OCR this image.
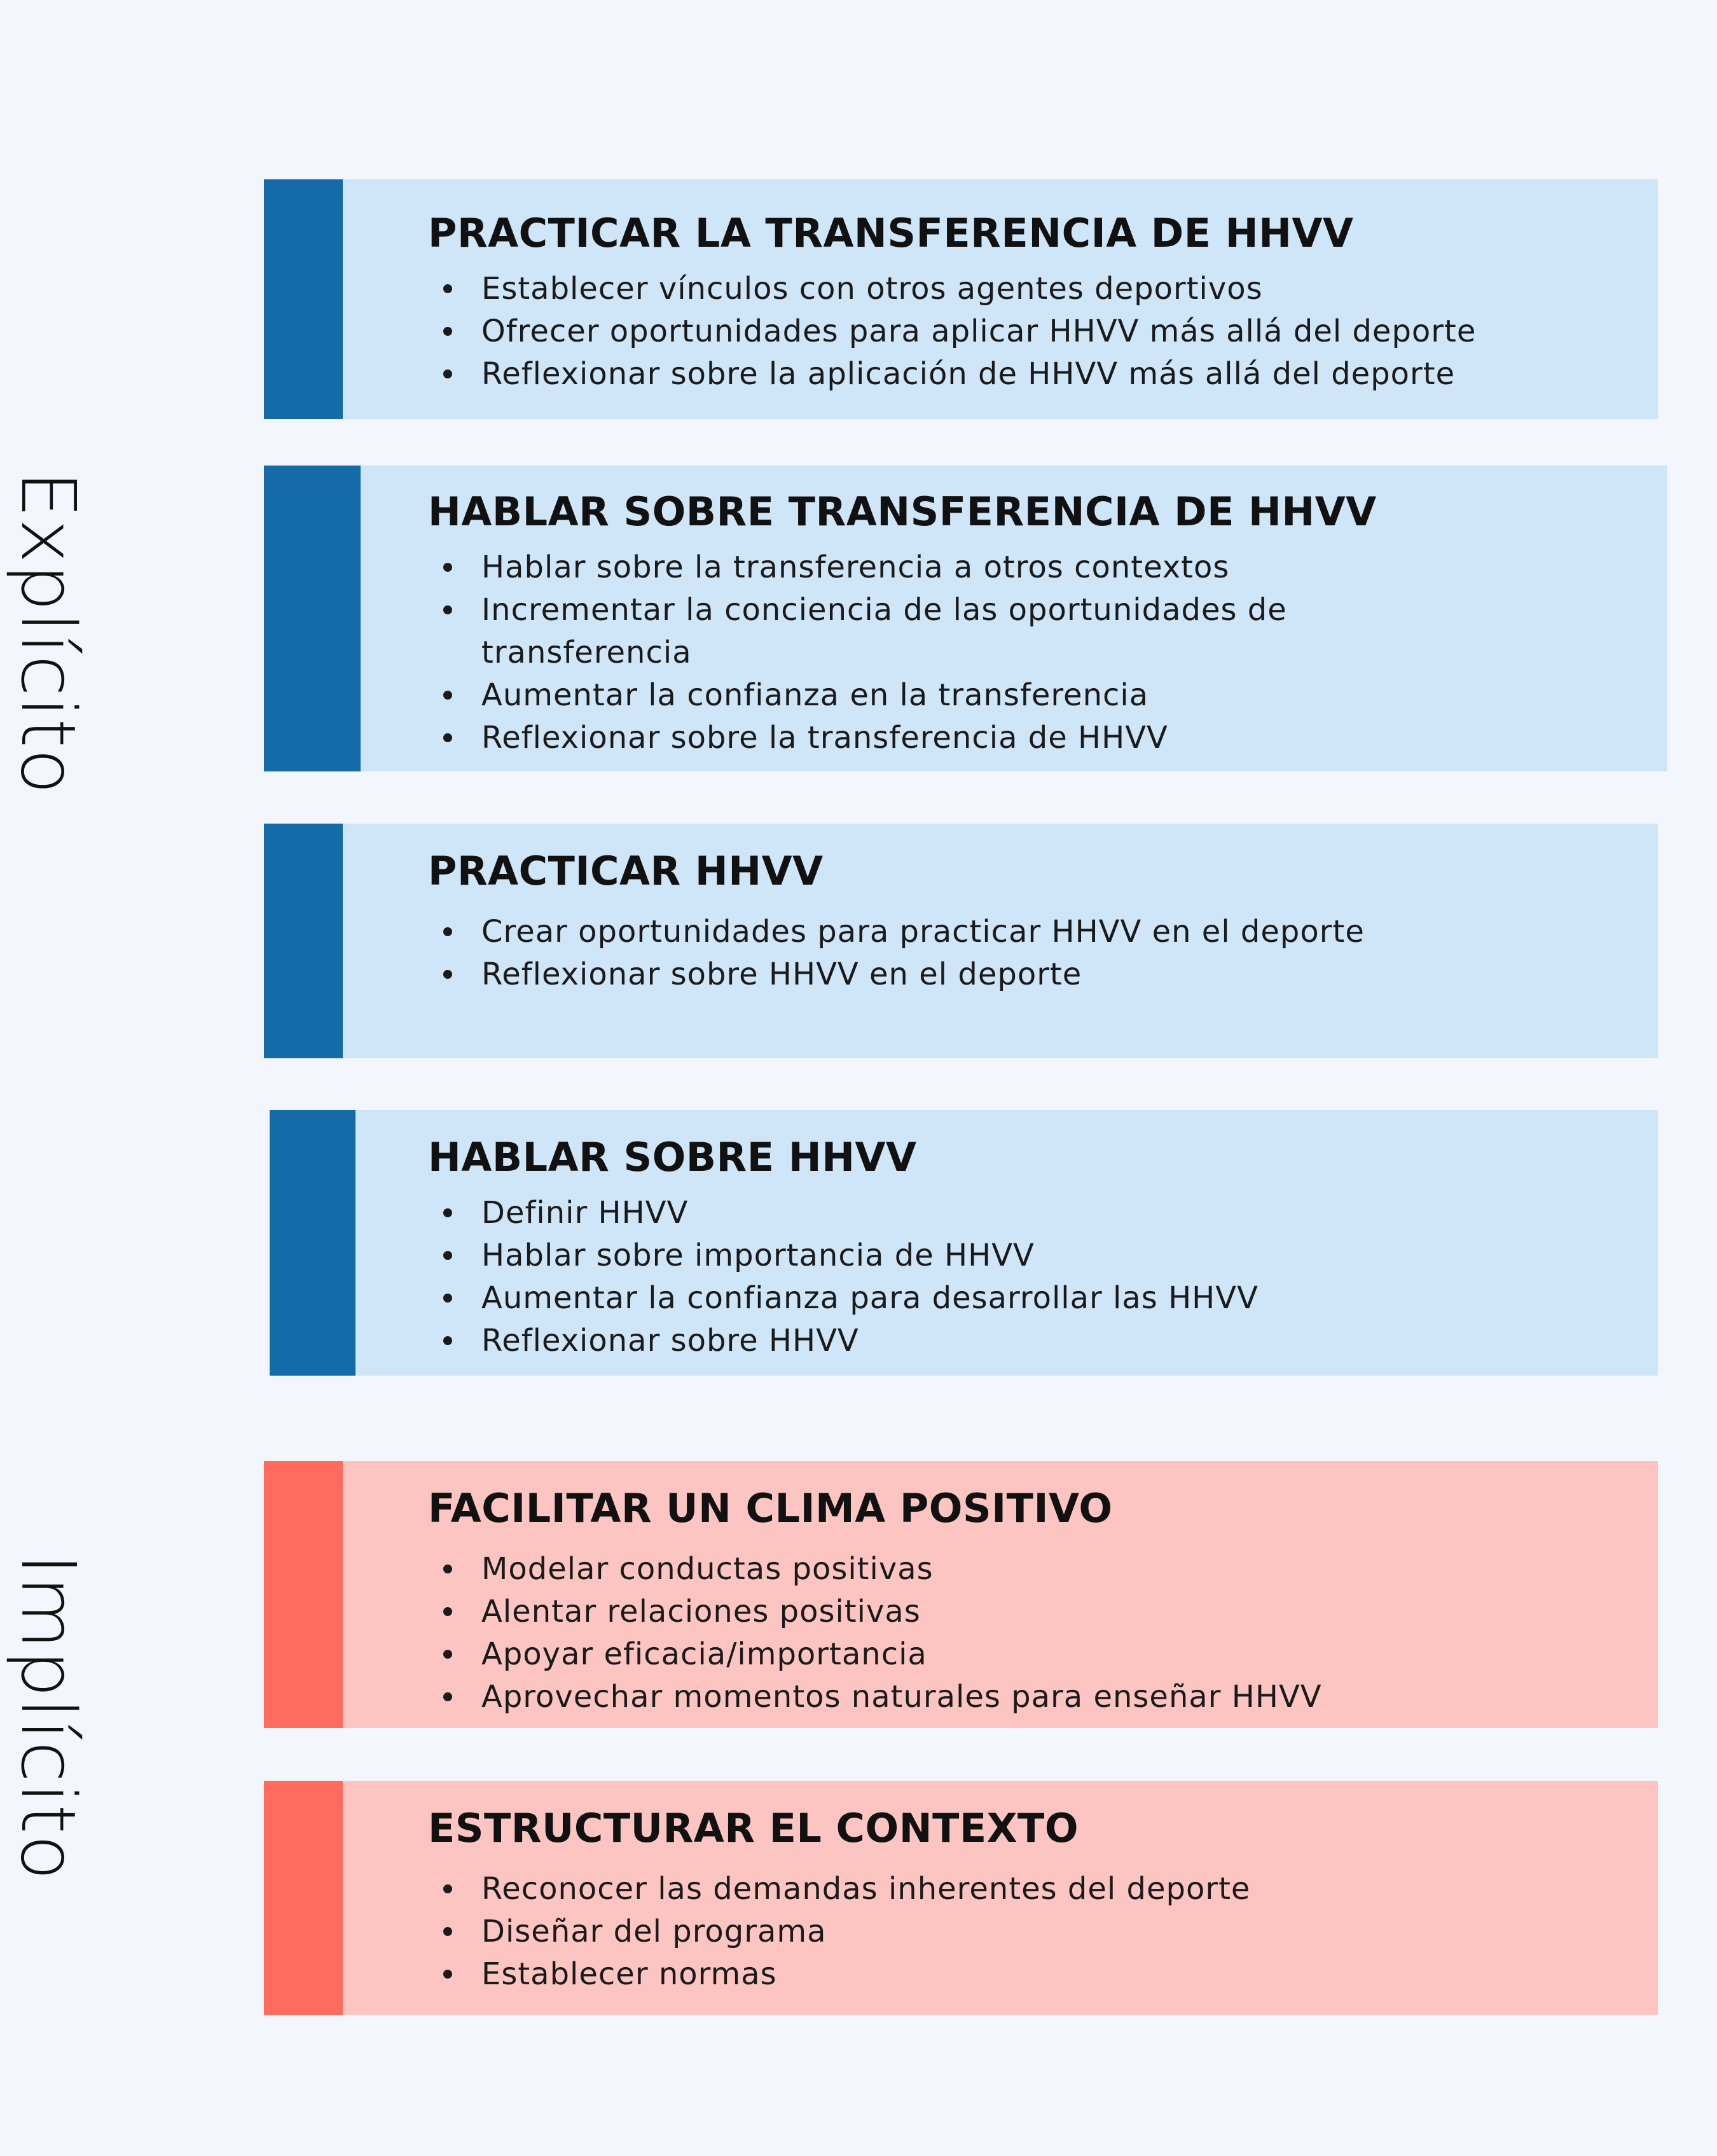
Explícito
Implícito
PRACTICAR LA TRANSFERENCIA DE HHVV
Establecer vínculos con otros agentes deportivos
Ofrecer oportunidades para aplicar HHVV más allá del deporte
Reflexionar sobre la aplicación de HHVV más allá del deporte
HABLAR SOBRE TRANSFERENCIA DE HHVV
Hablar sobre la transferencia a otros contextos
Incrementar la conciencia de las oportunidades de transferencia
Aumentar la confianza en la transferencia
Reflexionar sobre la transferencia de HHVV
PRACTICAR HHVV
Crear oportunidades para practicar HHVV en el deporte
Reflexionar sobre HHVV en el deporte
HABLAR SOBRE HHVV
Definir HHVV
Hablar sobre importancia de HHVV
Aumentar la confianza para desarrollar las HHVV
Reflexionar sobre HHVV
FACILITAR UN CLIMA POSITIVO
Modelar conductas positivas
Alentar relaciones positivas
Apoyar eficacia/importancia
Aprovechar momentos naturales para enseñar HHVV
ESTRUCTURAR EL CONTEXTO
Reconocer las demandas inherentes del deporte
Diseñar del programa
Establecer normas
